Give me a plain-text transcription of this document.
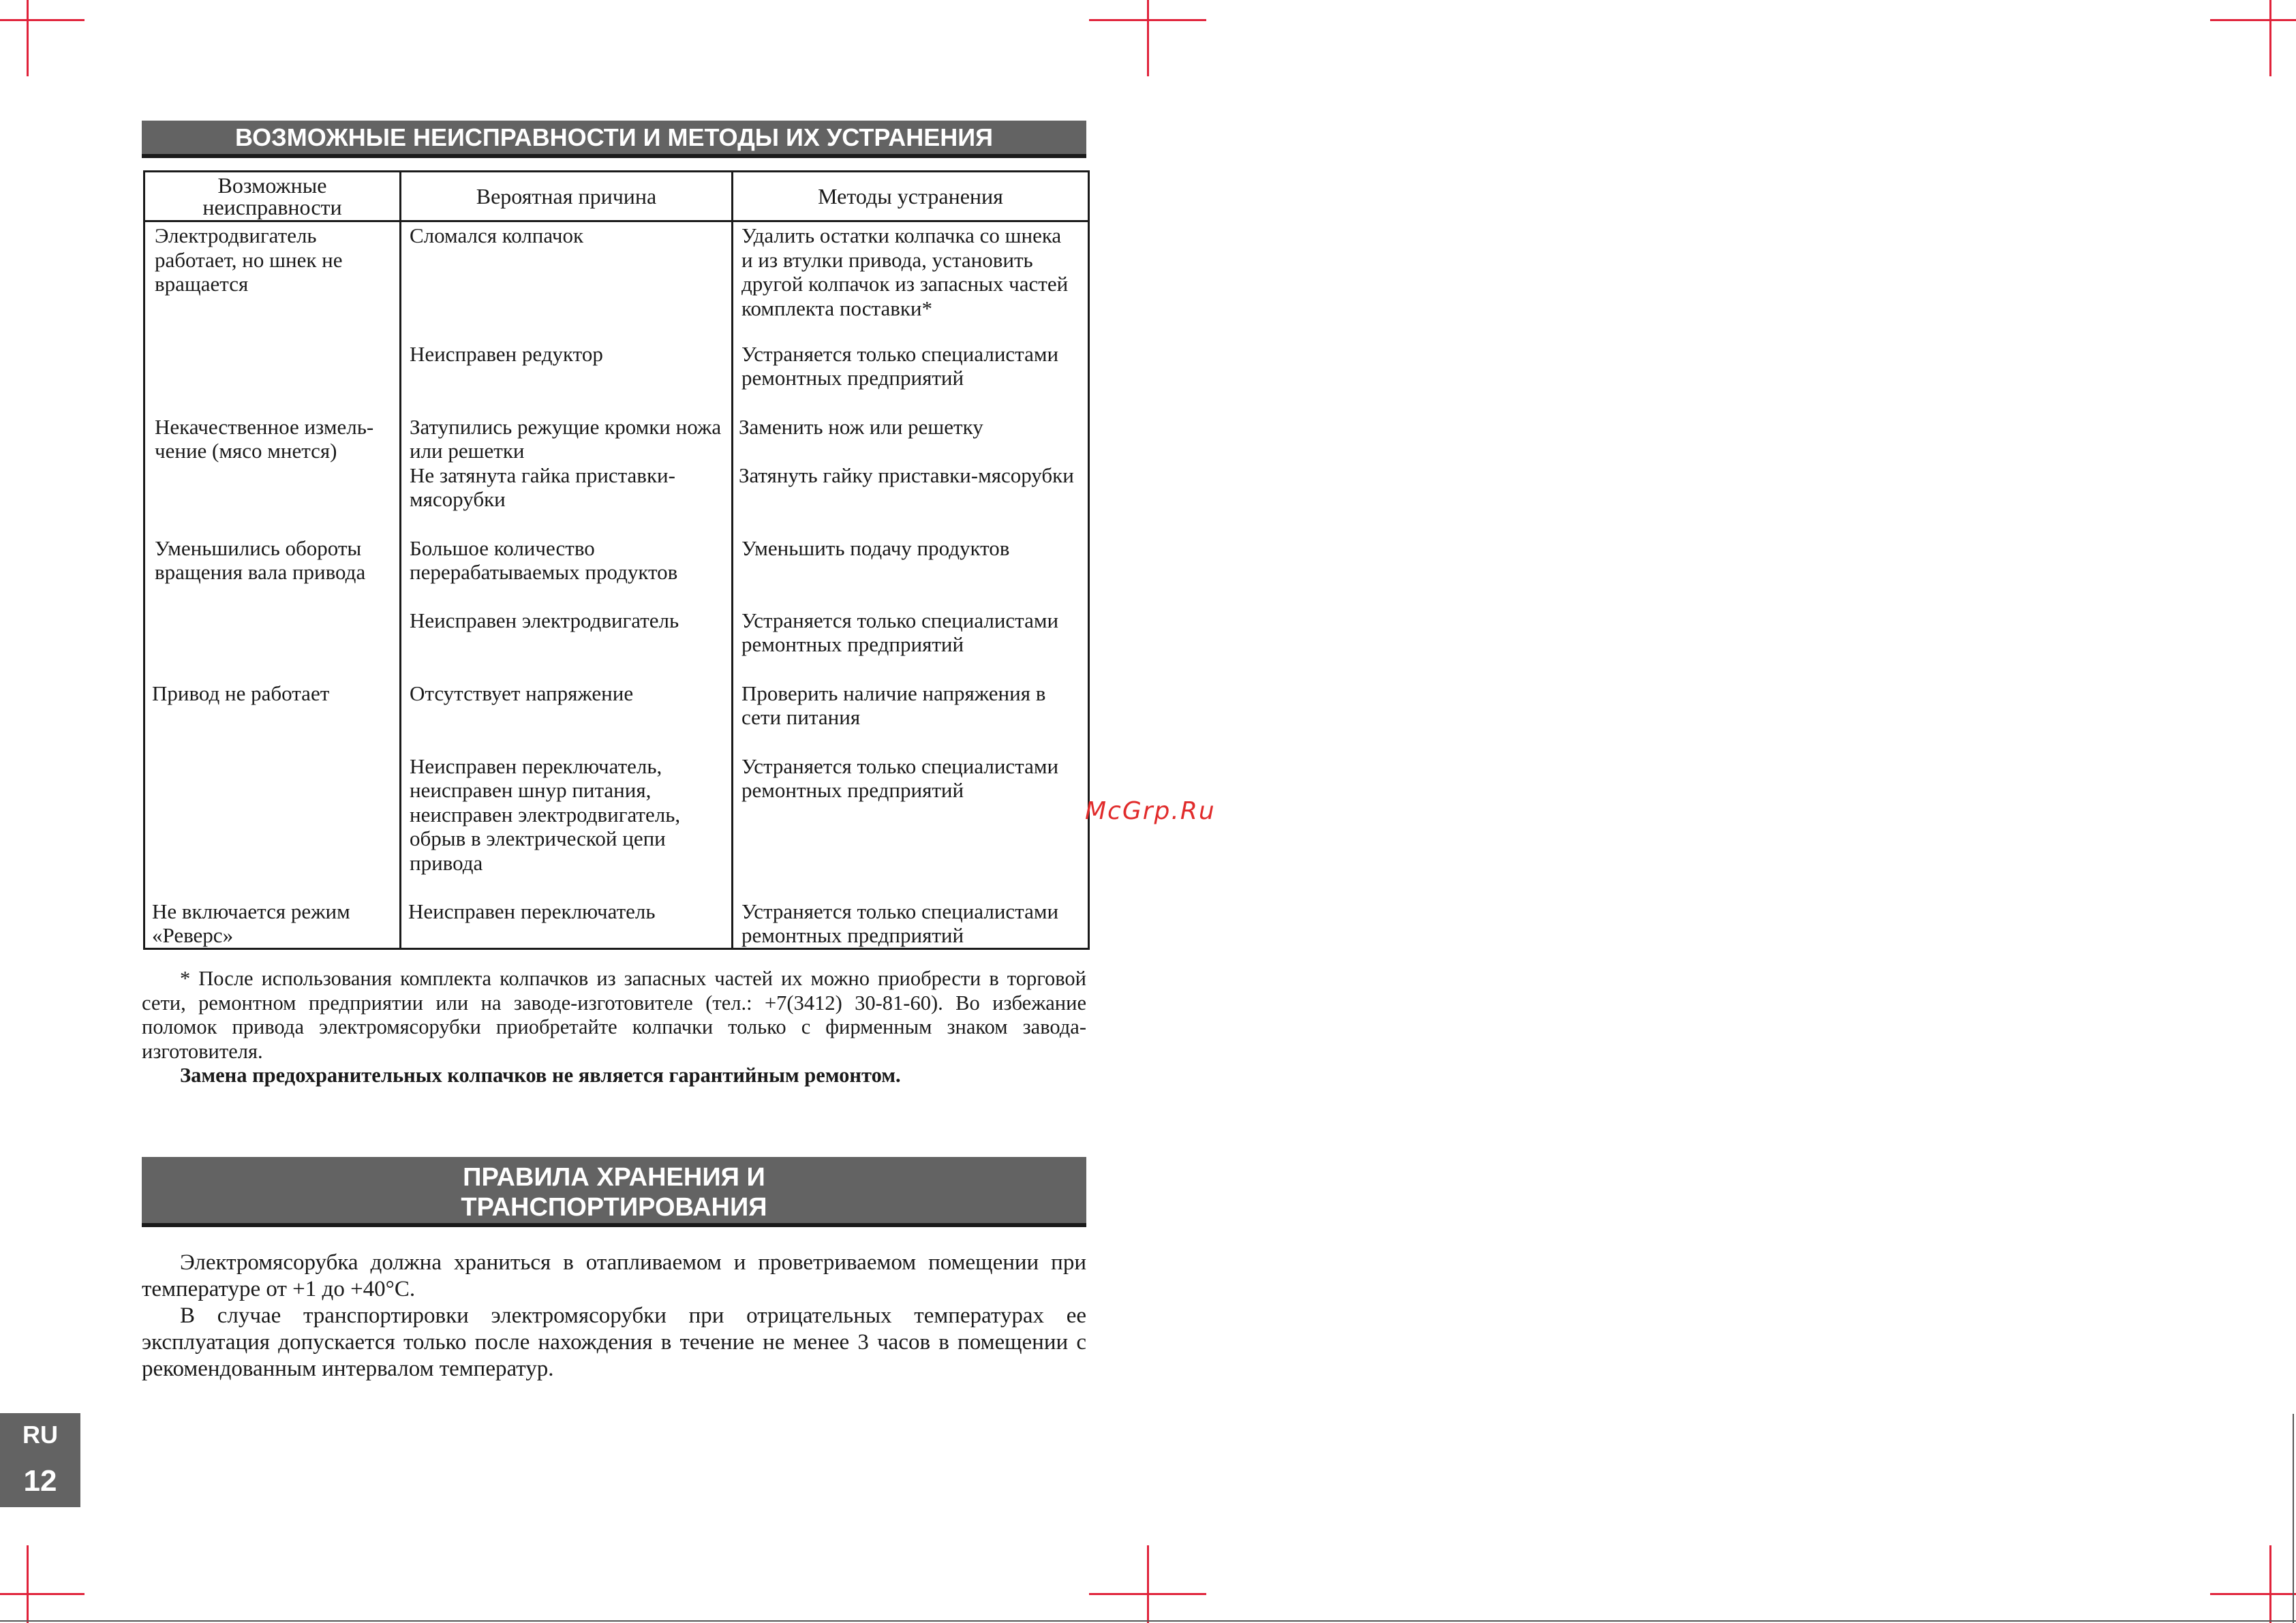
ВОЗМОЖНЫЕ НЕИСПРАВНОСТИ И МЕТОДЫ ИХ УСТРАНЕНИЯ
Возможные
неисправности	Вероятная причина	Методы устранения

Электродвигатель
работает, но шнек не
вращается	Сломался колпачок	Удалить остатки колпачка со шнека
и из втулки привода, установить
другой колпачок из запасных частей
комплекта поставки*

	Неисправен редуктор	Устраняется только специалистами
ремонтных предприятий

Некачественное измель-
чение (мясо мнется)	Затупились режущие кромки ножа
или решетки	Заменить нож или решетку

	Не затянута гайка приставки-
мясорубки	Затянуть гайку приставки-мясорубки

Уменьшились обороты
вращения вала привода	Большое количество
перерабатываемых продуктов	Уменьшить подачу продуктов

	Неисправен электродвигатель	Устраняется только специалистами
ремонтных предприятий

Привод не работает	Отсутствует напряжение	Проверить наличие напряжения в
сети питания

	Неисправен переключатель,
неисправен шнур питания,
неисправен электродвигатель,
обрыв в электрической цепи
привода	Устраняется только специалистами
ремонтных предприятий

Не включается режим
«Реверс»	Неисправен переключатель	Устраняется только специалистами
ремонтных предприятий

* После использования комплекта колпачков из запасных частей их можно приобрести в торговой сети, ремонтном предприятии или на заводе-изготовителе (тел.: +7(3412) 30-81-60). Во избежание поломок привода электромясорубки приобретайте колпачки только с фирменным знаком завода-изготовителя.

Замена предохранительных колпачков не является гарантийным ремонтом.

ПРАВИЛА ХРАНЕНИЯ И
ТРАНСПОРТИРОВАНИЯ

Электромясорубка должна храниться в отапливаемом и проветриваемом помещении при температуре от +1 до +40°С.

В случае транспортировки электромясорубки при отрицательных температурах ее эксплуатация допускается только после нахождения в течение не менее 3 часов в помещении с рекомендованным интервалом температур.

McGrp.Ru
RU
12
